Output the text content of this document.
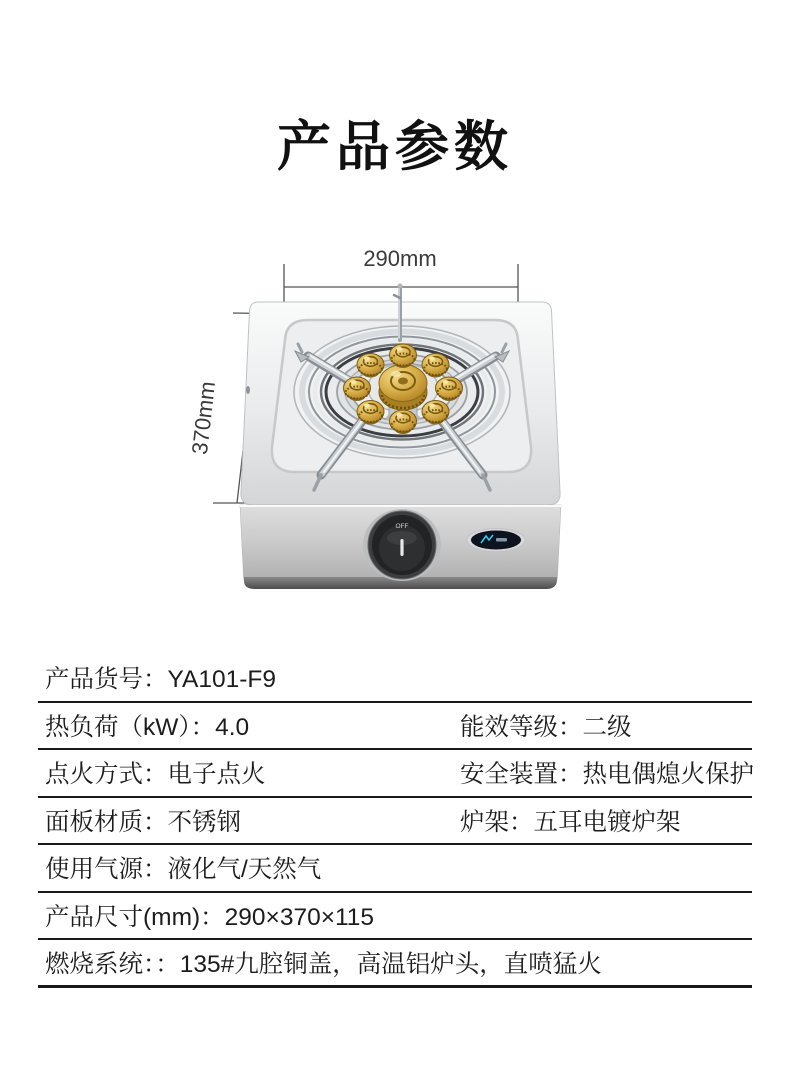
产品参数
290mm
370mm
OFF
产品货号：YA101-F9
热负荷（kW）：4.0	能效等级：二级
点火方式：电子点火	安全装置：热电偶熄火保护
面板材质：不锈钢	炉架：五耳电镀炉架
使用气源：液化气/天然气
产品尺寸(mm)：290×370×115
燃烧系统：：135#九腔铜盖，高温铝炉头，直喷猛火
